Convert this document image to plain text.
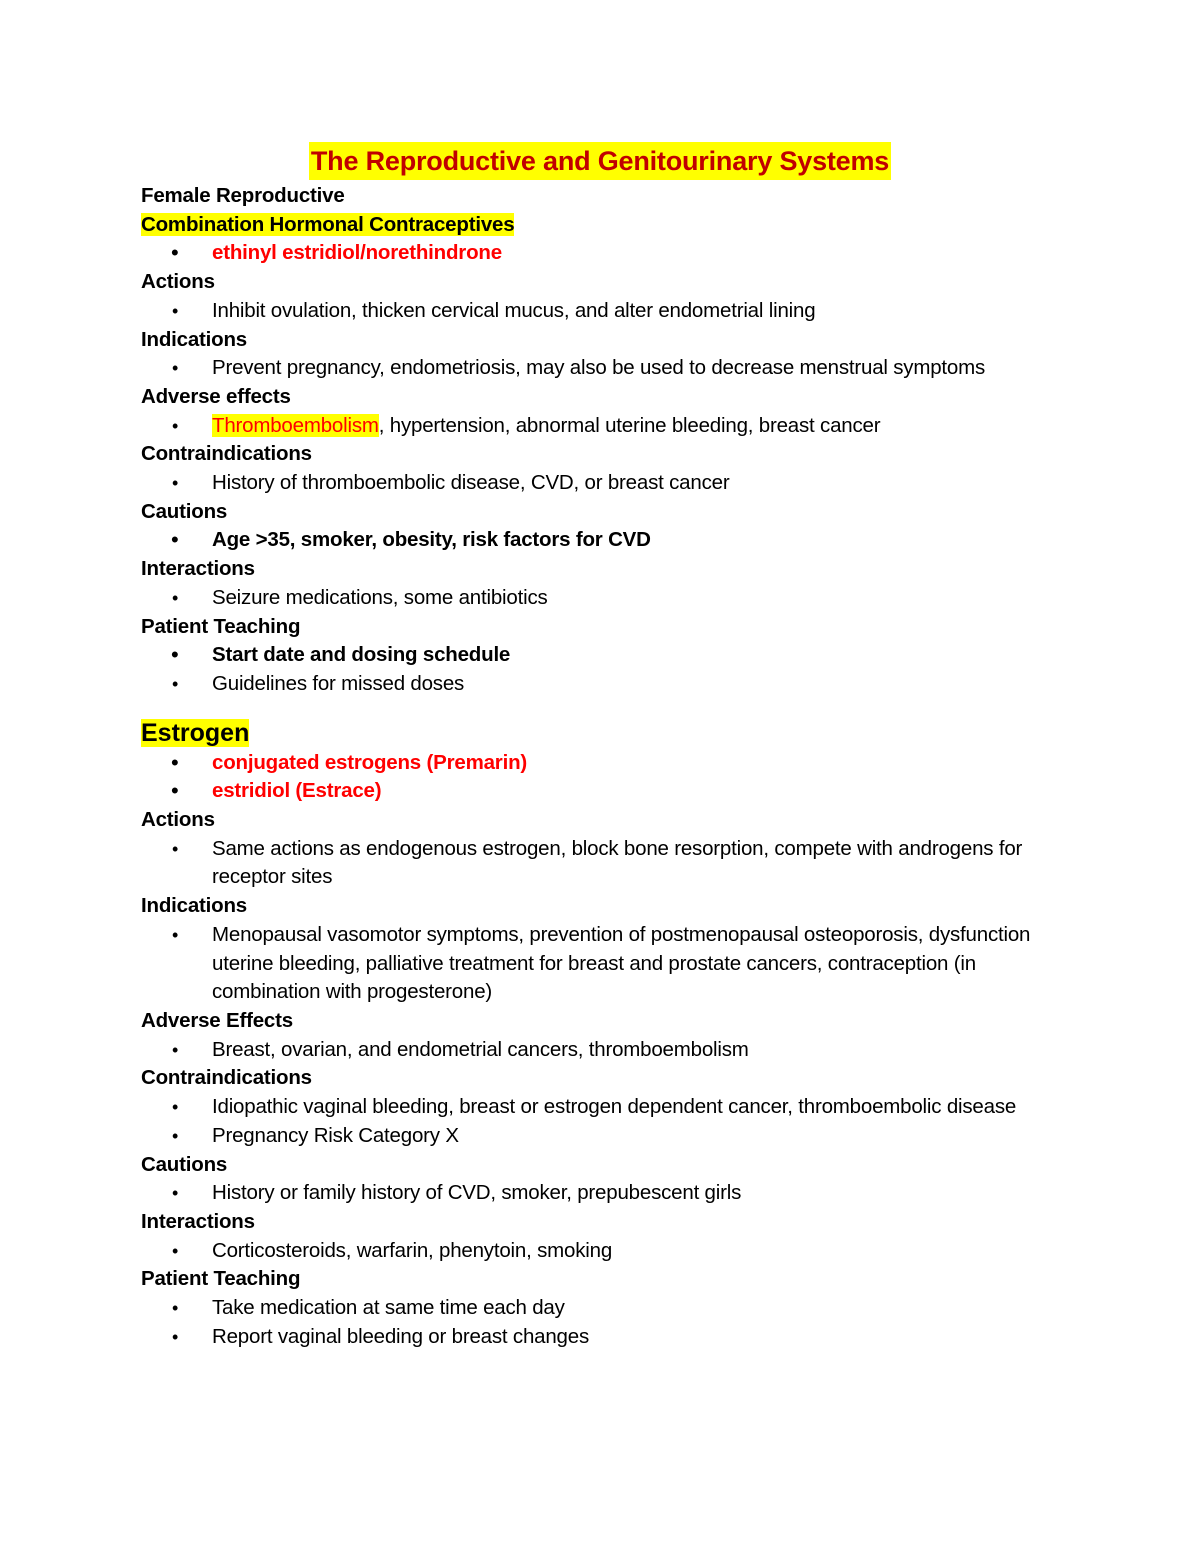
The Reproductive and Genitourinary Systems
Female Reproductive
Combination Hormonal Contraceptives
• ethinyl estridiol/norethindrone
Actions
• Inhibit ovulation, thicken cervical mucus, and alter endometrial lining
Indications
• Prevent pregnancy, endometriosis, may also be used to decrease menstrual symptoms
Adverse effects
• Thromboembolism, hypertension, abnormal uterine bleeding, breast cancer
Contraindications
• History of thromboembolic disease, CVD, or breast cancer
Cautions
• Age >35, smoker, obesity, risk factors for CVD
Interactions
• Seizure medications, some antibiotics
Patient Teaching
• Start date and dosing schedule
• Guidelines for missed doses
Estrogen
• conjugated estrogens (Premarin)
• estridiol (Estrace)
Actions
• Same actions as endogenous estrogen, block bone resorption, compete with androgens for receptor sites
Indications
• Menopausal vasomotor symptoms, prevention of postmenopausal osteoporosis, dysfunction uterine bleeding, palliative treatment for breast and prostate cancers, contraception (in combination with progesterone)
Adverse Effects
• Breast, ovarian, and endometrial cancers, thromboembolism
Contraindications
• Idiopathic vaginal bleeding, breast or estrogen dependent cancer, thromboembolic disease
• Pregnancy Risk Category X
Cautions
• History or family history of CVD, smoker, prepubescent girls
Interactions
• Corticosteroids, warfarin, phenytoin, smoking
Patient Teaching
• Take medication at same time each day
• Report vaginal bleeding or breast changes
